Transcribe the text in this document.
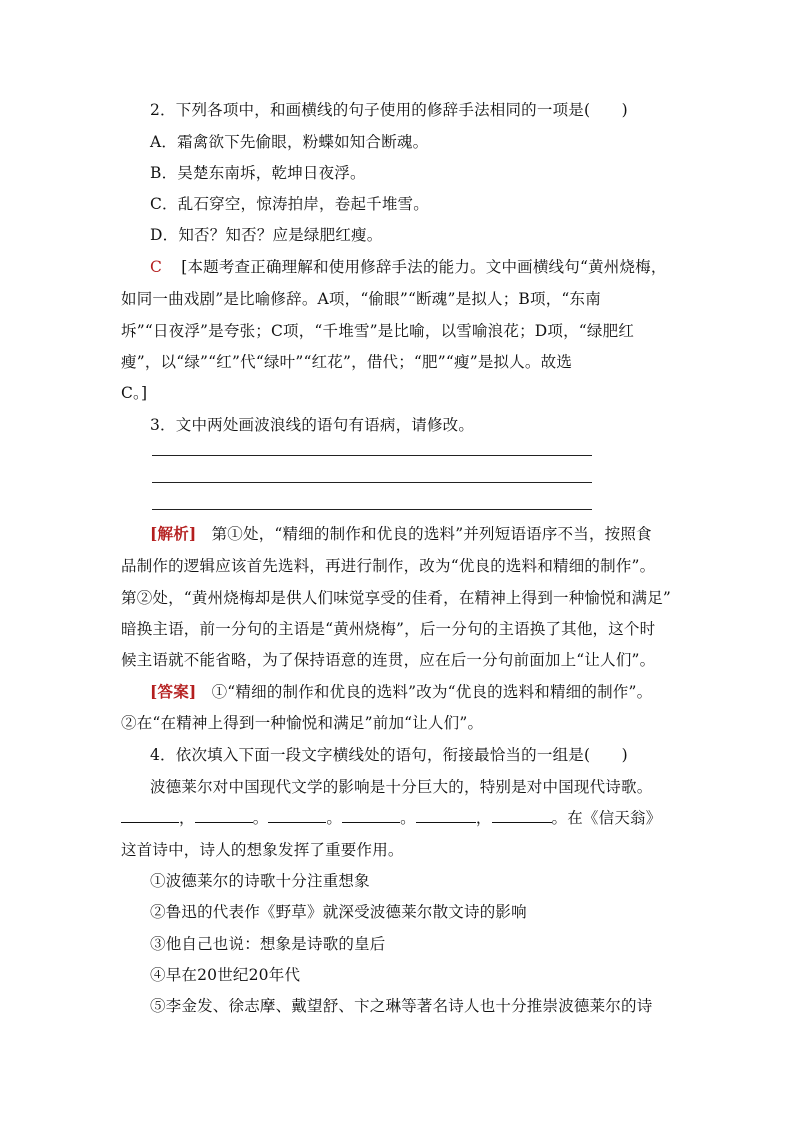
2．下列各项中，和画横线的句子使用的修辞手法相同的一项是(　　)
A．霜禽欲下先偷眼，粉蝶如知合断魂。
B．吴楚东南坼，乾坤日夜浮。
C．乱石穿空，惊涛拍岸，卷起千堆雪。
D．知否？知否？应是绿肥红瘦。
C [本题考查正确理解和使用修辞手法的能力。文中画横线句“黄州烧梅，
如同一曲戏剧”是比喻修辞。A项，“偷眼”“断魂”是拟人；B项，“东南
坼”“日夜浮”是夸张；C项，“千堆雪”是比喻，以雪喻浪花；D项，“绿肥红
瘦”，以“绿”“红”代“绿叶”“红花”，借代；“肥”“瘦”是拟人。故选
C。]
3．文中两处画波浪线的语句有语病，请修改。
[解析] 第①处，“精细的制作和优良的选料”并列短语语序不当，按照食
品制作的逻辑应该首先选料，再进行制作，改为“优良的选料和精细的制作”。
第②处，“黄州烧梅却是供人们味觉享受的佳肴，在精神上得到一种愉悦和满足”
暗换主语，前一分句的主语是“黄州烧梅”，后一分句的主语换了其他，这个时
候主语就不能省略，为了保持语意的连贯，应在后一分句前面加上“让人们”。
[答案] ①“精细的制作和优良的选料”改为“优良的选料和精细的制作”。
②在“在精神上得到一种愉悦和满足”前加“让人们”。
4．依次填入下面一段文字横线处的语句，衔接最恰当的一组是(　　)
波德莱尔对中国现代文学的影响是十分巨大的，特别是对中国现代诗歌。
，	。	。	。	，	。在《信天翁》
这首诗中，诗人的想象发挥了重要作用。
①波德莱尔的诗歌十分注重想象
②鲁迅的代表作《野草》就深受波德莱尔散文诗的影响
③他自己也说：想象是诗歌的皇后
④早在20世纪20年代
⑤李金发、徐志摩、戴望舒、卞之琳等著名诗人也十分推崇波德莱尔的诗
